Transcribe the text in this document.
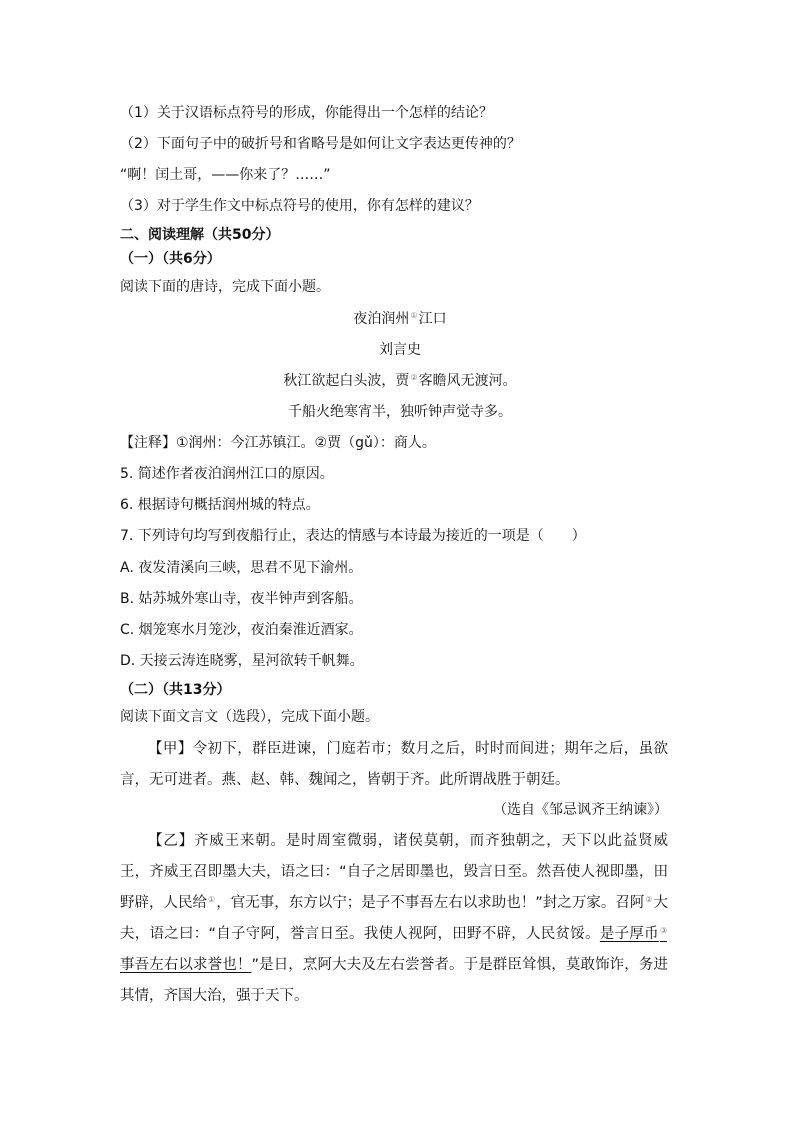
（1）关于汉语标点符号的形成，你能得出一个怎样的结论？
（2）下面句子中的破折号和省略号是如何让文字表达更传神的？
“啊！闰土哥，——你来了？……”
（3）对于学生作文中标点符号的使用，你有怎样的建议？
二、阅读理解（共50分）
（一）（共6分）
阅读下面的唐诗，完成下面小题。
夜泊润州①江口
刘言史
秋江欲起白头波，贾②客瞻风无渡河。
千船火绝寒宵半，独听钟声觉寺多。
【注释】①润州：今江苏镇江。②贾（gǔ）：商人。
5. 简述作者夜泊润州江口的原因。
6. 根据诗句概括润州城的特点。
7. 下列诗句均写到夜船行止，表达的情感与本诗最为接近的一项是（　　）
A. 夜发清溪向三峡，思君不见下渝州。
B. 姑苏城外寒山寺，夜半钟声到客船。
C. 烟笼寒水月笼沙，夜泊秦淮近酒家。
D. 天接云涛连晓雾，星河欲转千帆舞。
（二）（共13分）
阅读下面文言文（选段），完成下面小题。
【甲】令初下，群臣进谏，门庭若市；数月之后，时时而间进；期年之后，虽欲言，无可进者。燕、赵、韩、魏闻之，皆朝于齐。此所谓战胜于朝廷。
（选自《邹忌讽齐王纳谏》）
【乙】齐威王来朝。是时周室微弱，诸侯莫朝，而齐独朝之，天下以此益贤威王，齐威王召即墨大夫，语之曰：“自子之居即墨也，毁言日至。然吾使人视即墨，田野辟，人民给①，官无事，东方以宁；是子不事吾左右以求助也！”封之万家。召阿②大夫，语之曰：“自子守阿，誉言日至。我使人视阿，田野不辟，人民贫馁。是子厚币③事吾左右以求誉也！”是日，烹阿大夫及左右尝誉者。于是群臣耸惧，莫敢饰诈，务进其情，齐国大治，强于天下。
